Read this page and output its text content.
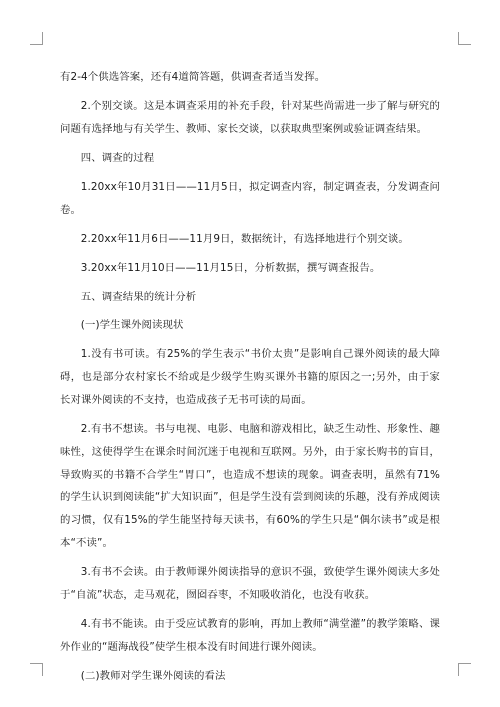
有2-4个供选答案，还有4道简答题，供调查者适当发挥。

2.个别交谈。这是本调查采用的补充手段，针对某些尚需进一步了解与研究的问题有选择地与有关学生、教师、家长交谈，以获取典型案例或验证调查结果。

四、调查的过程

1.20xx年10月31日——11月5日，拟定调查内容，制定调查表，分发调查问卷。

2.20xx年11月6日——11月9日，数据统计，有选择地进行个别交谈。

3.20xx年11月10日——11月15日，分析数据，撰写调查报告。

五、调查结果的统计分析

(一)学生课外阅读现状

1.没有书可读。有25%的学生表示“书价太贵”是影响自己课外阅读的最大障碍，也是部分农村家长不给或是少级学生购买课外书籍的原因之一;另外，由于家长对课外阅读的不支持，也造成孩子无书可读的局面。

2.有书不想读。书与电视、电影、电脑和游戏相比，缺乏生动性、形象性、趣味性，这使得学生在课余时间沉迷于电视和互联网。另外，由于家长购书的盲目，导致购买的书籍不合学生“胃口”，也造成不想读的现象。调查表明，虽然有71%的学生认识到阅读能“扩大知识面”，但是学生没有尝到阅读的乐趣，没有养成阅读的习惯，仅有15%的学生能坚持每天读书，有60%的学生只是“偶尔读书”或是根本“不读”。

3.有书不会读。由于教师课外阅读指导的意识不强，致使学生课外阅读大多处于“自流”状态，走马观花，囫囵吞枣，不知吸收消化，也没有收获。

4.有书不能读。由于受应试教育的影响，再加上教师“满堂灌”的教学策略、课外作业的“题海战役”使学生根本没有时间进行课外阅读。

(二)教师对学生课外阅读的看法
